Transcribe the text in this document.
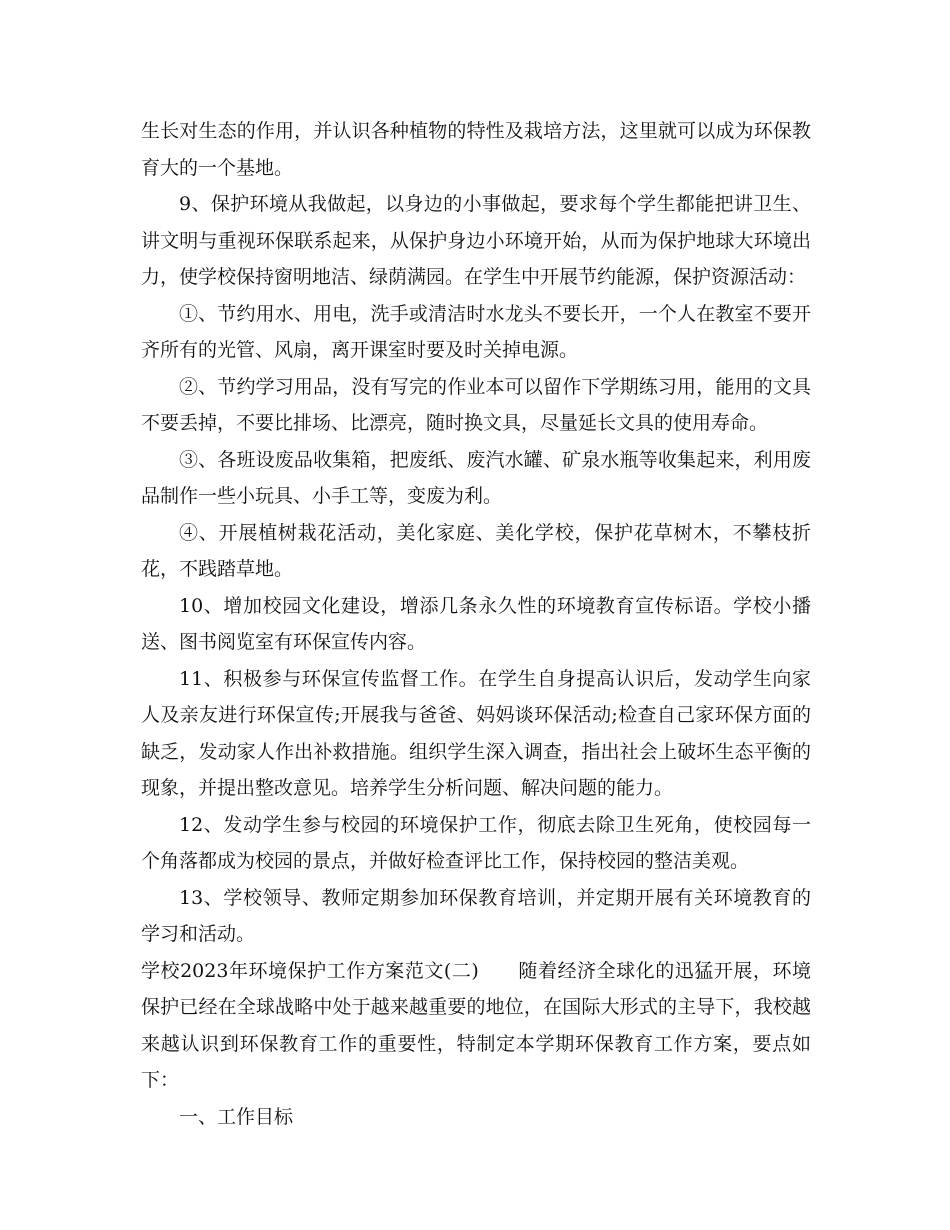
生长对生态的作用，并认识各种植物的特性及栽培方法，这里就可以成为环保教育大的一个基地。

9、保护环境从我做起，以身边的小事做起，要求每个学生都能把讲卫生、讲文明与重视环保联系起来，从保护身边小环境开始，从而为保护地球大环境出力，使学校保持窗明地洁、绿荫满园。在学生中开展节约能源，保护资源活动：

①、节约用水、用电，洗手或清洁时水龙头不要长开，一个人在教室不要开齐所有的光管、风扇，离开课室时要及时关掉电源。

②、节约学习用品，没有写完的作业本可以留作下学期练习用，能用的文具不要丢掉，不要比排场、比漂亮，随时换文具，尽量延长文具的使用寿命。

③、各班设废品收集箱，把废纸、废汽水罐、矿泉水瓶等收集起来，利用废品制作一些小玩具、小手工等，变废为利。

④、开展植树栽花活动，美化家庭、美化学校，保护花草树木，不攀枝折花，不践踏草地。

10、增加校园文化建设，增添几条永久性的环境教育宣传标语。学校小播送、图书阅览室有环保宣传内容。

11、积极参与环保宣传监督工作。在学生自身提高认识后，发动学生向家人及亲友进行环保宣传;开展我与爸爸、妈妈谈环保活动;检查自己家环保方面的缺乏，发动家人作出补救措施。组织学生深入调查，指出社会上破坏生态平衡的现象，并提出整改意见。培养学生分析问题、解决问题的能力。

12、发动学生参与校园的环境保护工作，彻底去除卫生死角，使校园每一个角落都成为校园的景点，并做好检查评比工作，保持校园的整洁美观。

13、学校领导、教师定期参加环保教育培训，并定期开展有关环境教育的学习和活动。

学校2023年环境保护工作方案范文(二)　　随着经济全球化的迅猛开展，环境保护已经在全球战略中处于越来越重要的地位，在国际大形式的主导下，我校越来越认识到环保教育工作的重要性，特制定本学期环保教育工作方案，要点如下：

一、工作目标
